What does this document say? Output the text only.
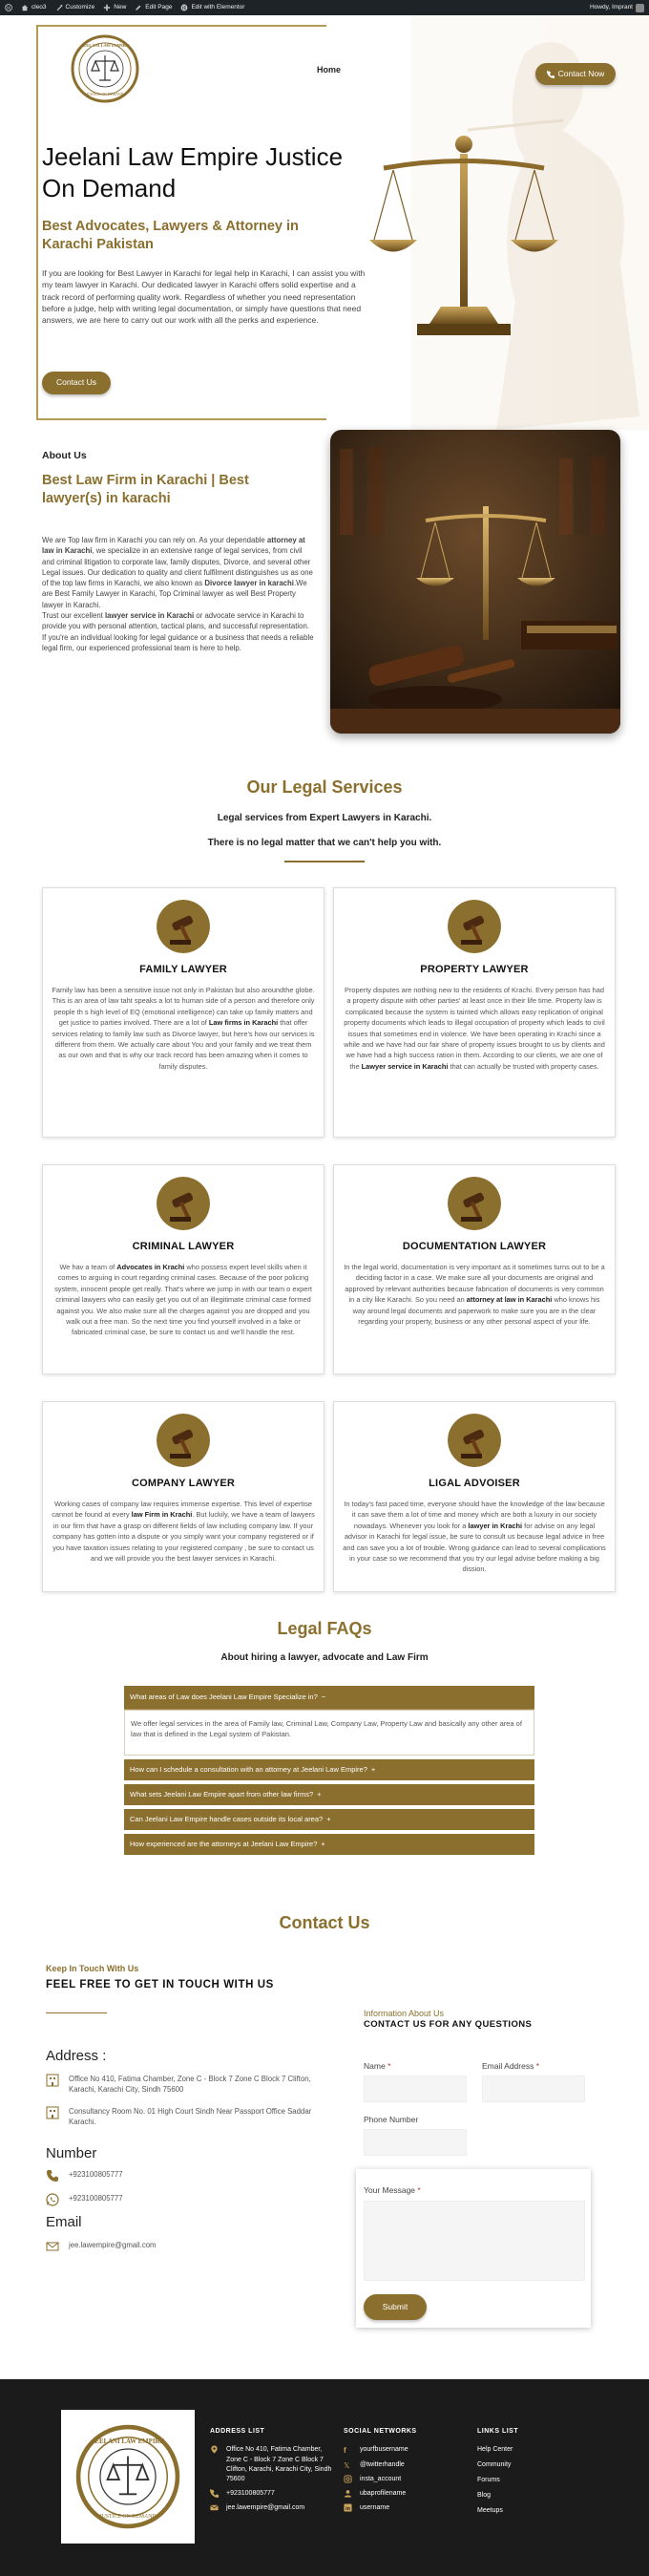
W	cleo3	Customize	New	Edit Page	Edit with Elementor	Howdy, Imprant
JEELANI LAW EMPIRE
JUSTICE ON DEMAND
Home	Contact Now
Jeelani Law Empire Justice On Demand
Best Advocates, Lawyers & Attorney in Karachi Pakistan

If you are looking for Best Lawyer in Karachi for legal help in Karachi, I can assist you with my team lawyer in Karachi. Our dedicated lawyer in Karachi offers solid expertise and a track record of performing quality work. Regardless of whether you need representation before a judge, help with writing legal documentation, or simply have questions that need answers, we are here to carry out our work with all the perks and experience.

Contact Us
About Us
Best Law Firm in Karachi | Best lawyer(s) in karachi

We are Top law firm in Karachi you can rely on. As your dependable attorney at law in Karachi, we specialize in an extensive range of legal services, from civil and criminal litigation to corporate law, family disputes, Divorce, and several other Legal issues. Our dedication to quality and client fulfilment distinguishes us as one of the top law firms in Karachi, we also known as Divorce lawyer in karachi.We are Best Family Lawyer in Karachi, Top Criminal lawyer as well Best Property lawyer in Karachi.

Trust our excellent lawyer service in Karachi or advocate service in Karachi to provide you with personal attention, tactical plans, and successful representation. If you're an individual looking for legal guidance or a business that needs a reliable legal firm, our experienced professional team is here to help.

Our Legal Services
Legal services from Expert Lawyers in Karachi.
There is no legal matter that we can't help you with.
FAMILY LAWYER

Family law has been a sensitive issue not only in Pakistan but also aroundthe globe. This is an area of law taht speaks a lot to human side of a person and therefore only people th s high level of EQ (emotional intelligence) can take up family matters and get justice to parties involved. There are a lot of Law firms in Karachi that offer services relating to family law such as Divorce lawyer, but here's how our services is different from them. We actually care about You and your family and we treat them as our own and that is why our track record has been amazing when it comes to family disputes.

PROPERTY LAWYER

Property disputes are nothing new to the residents of Krachi. Every person has had a property dispute with other parties' at least once in their life time. Property law is complicated because the system is tainted which allows easy replication of original property documents which leads to illegal occupation of property which leads to civil issues that sometimes end in violence. We have been operating in Krachi since a while and we have had our fair share of property issues brought to us by clients and we have had a high success ration in them. According to our clients, we are one of the Lawyer service in Karachi that can actually be trusted with property cases.

CRIMINAL LAWYER

We hav a team of Advocates in Krachi who possess expert level skills when it comes to arguing in court regarding criminal cases. Because of the poor policing system, innocent people get really. That's where we jump in with our team o expert criminal lawyers who can easily get you out of an illegitimate criminal case formed against you. We also make sure all the charges against you are dropped and you walk out a free man. So the next time you find yourself involved in a fake or fabricated criminal case, be sure to contact us and we'll handle the rest.

DOCUMENTATION LAWYER

In the legal world, documentation is very important as it sometimes turns out to be a deciding factor in a case. We make sure all your documents are original and approved by relevant authorities because fabrication of documents is very common in a city like Karachi. So you need an attorney at law in Karachi who knows his way around legal documents and paperwork to make sure you are in the clear regarding your property, business or any other personal aspect of your life.

COMPANY LAWYER

Working cases of company law requires immense expertise. This level of expertise cannot be found at every law Firm in Krachi. But luckily, we have a team of lawyers in our firm that have a grasp on different fields of law including company law. If your company has gotten into a dispute or you simply want your company registered or if you have taxation issues relating to your registered company , be sure to contact us and we will provide you the best lawyer services in Karachi.

LIGAL ADVOISER

In today's fast paced time, everyone should have the knowledge of the law because it can save them a lot of time and money which are both a luxury in our society nowadays. Whenever you look for a lawyer in Krachi for advise on any legal advisor in Karachi for legal issue, be sure to consult us because legal advice in free and can save you a lot of trouble. Wrong guidance can lead to several complications in your case so we recommend that you try our legal advise before making a big dission.

Legal FAQs
About hiring a lawyer, advocate and Law Firm
What areas of Law does Jeelani Law Empire Specialize in? −
We offer legal services in the area of Family law, Criminal Law, Company Law, Property Law and basically any other area of law that is defined in the Legal system of Pakistan.
How can I schedule a consultation with an attorney at Jeelani Law Empire? +
What sets Jeelani Law Empire apart from other law firms? +
Can Jeelani Law Empire handle cases outside its local area? +
How experienced are the attorneys at Jeelani Law Empire? +
Contact Us
Keep In Touch With Us
FEEL FREE TO GET IN TOUCH WITH US
Address :
Office No 410, Fatima Chamber, Zone C - Block 7 Zone C Block 7 Clifton, Karachi, Karachi City, Sindh 75600
Consultancy Room No. 01 High Court Sindh Near Passport Office Saddar Karachi.
Number
+923100805777
+923100805777
Email
jee.lawempire@gmail.com
Information About Us
CONTACT US FOR ANY QUESTIONS
Name *	Email Address *
Phone Number
Your Message *
Submit
JEELANI LAW EMPIRE
JUSTICE ON DEMAND
ADDRESS LIST
Office No 410, Fatima Chamber, Zone C - Block 7 Zone C Block 7 Clifton, Karachi, Karachi City, Sindh 75600
+923100805777
jee.lawempire@gmail.com
SOCIAL NETWORKS
f	yourfbusername
𝕏	@twitterhandle
insta_account
ubaprofilename
in username
LINKS LIST
Help Center
Community
Forums
Blog
Meetups
